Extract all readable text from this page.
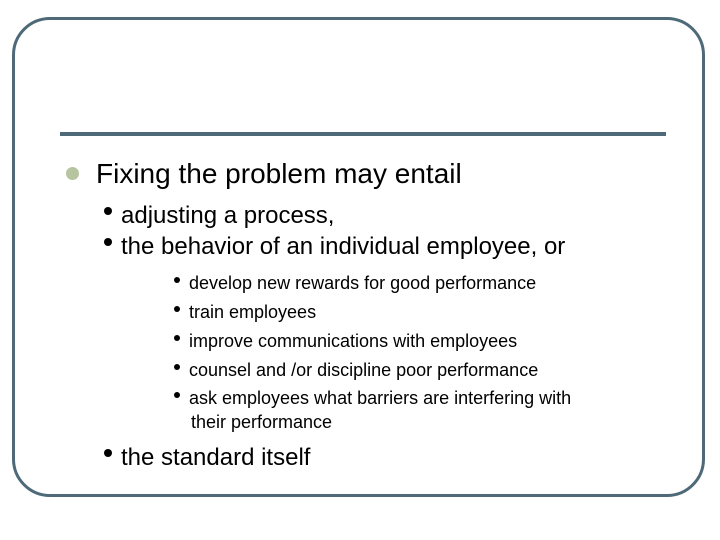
Fixing the problem may entail
adjusting a process,
the behavior of an individual employee, or
develop new rewards for good performance
train employees
improve communications with employees
counsel and /or discipline poor performance
ask employees what barriers are interfering with
their performance
the standard itself
